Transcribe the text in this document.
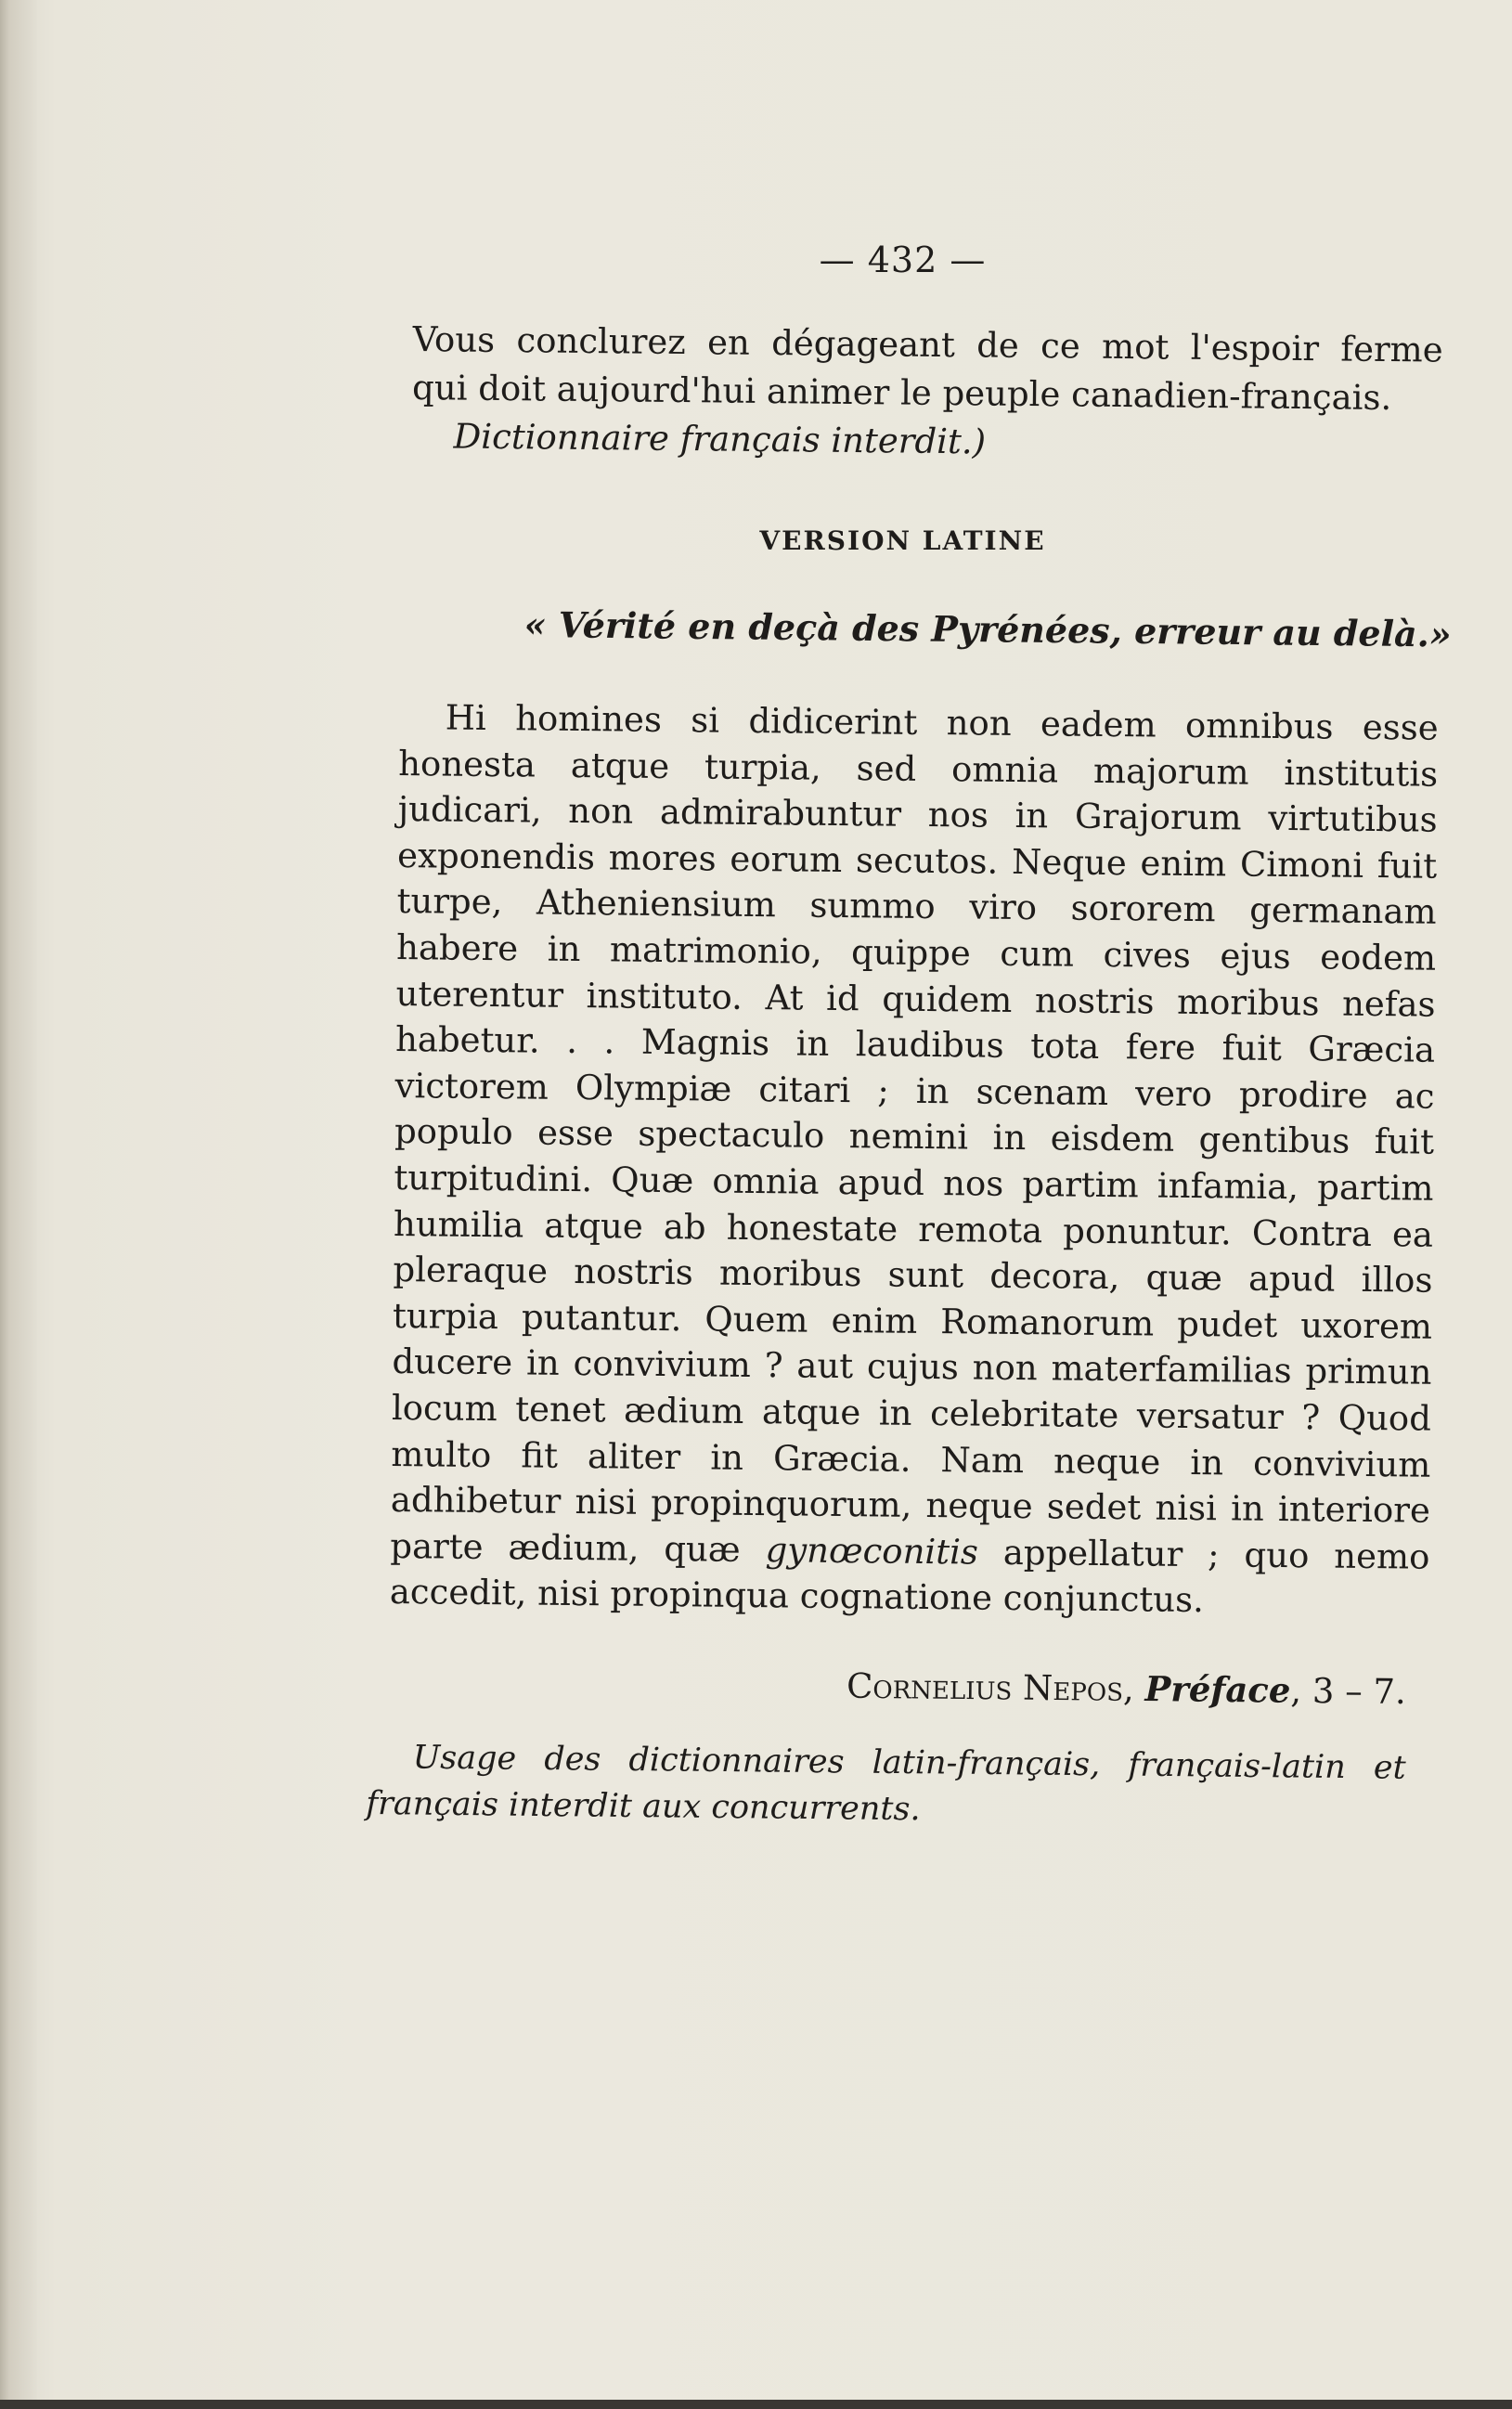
— 432 —

Vous conclurez en dégageant de ce mot l'espoir ferme

qui doit aujourd'hui animer le peuple canadien-français.

Dictionnaire français interdit.)

VERSION LATINE
« Vérité en deçà des Pyrénées, erreur au delà.»

Hi homines si didicerint non eadem omnibus esse honesta atque turpia, sed omnia majorum institutis judicari, non admirabuntur nos in Grajorum virtutibus exponendis mores eorum secutos. Neque enim Cimoni fuit turpe, Atheniensium summo viro sororem germanam habere in matrimonio, quippe cum cives ejus eodem uterentur instituto. At id quidem nostris moribus nefas habetur. . . Magnis in laudibus tota fere fuit Græcia victorem Olympiæ citari ; in scenam vero prodire ac populo esse spectaculo nemini in eisdem gentibus fuit turpitudini. Quæ omnia apud nos partim infamia, partim humilia atque ab honestate remota ponuntur. Contra ea pleraque nostris moribus sunt decora, quæ apud illos turpia putantur. Quem enim Romanorum pudet uxorem ducere in convivium ? aut cujus non materfamilias primun locum tenet ædium atque in celebritate versatur ? Quod multo fit aliter in Græcia. Nam neque in convivium adhibetur nisi propinquorum, neque sedet nisi in interiore parte ædium, quæ gynœconitis appellatur ; quo nemo accedit, nisi propinqua cognatione conjunctus.

Cornelius Nepos, Préface, 3 – 7.

Usage des dictionnaires latin-français, français-latin et français interdit aux concurrents.
